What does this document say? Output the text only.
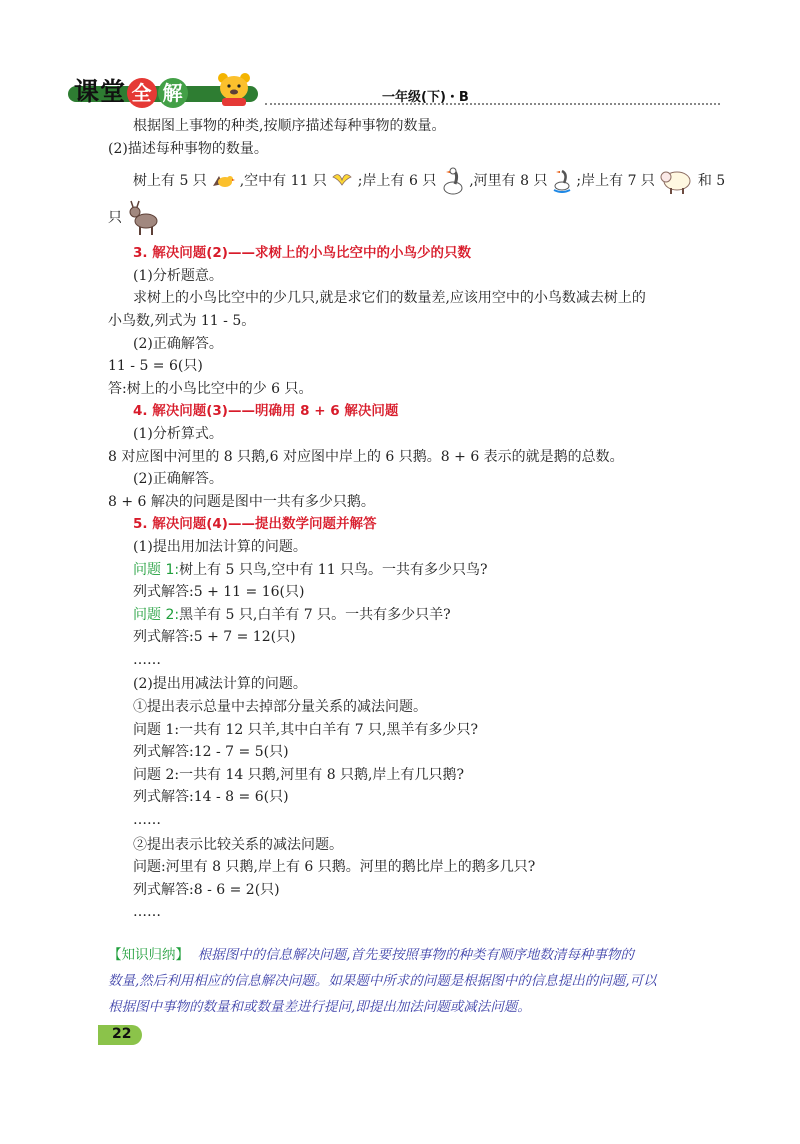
课堂 全 解	一年级(下)・B
根据图上事物的种类,按顺序描述每种事物的数量。
(2)描述每种事物的数量。
树上有 5 只 ,空中有 11 只 ;岸上有 6 只 ,河里有 8 只 ;岸上有 7 只	和 5
只
3. 解决问题(2)——求树上的小鸟比空中的小鸟少的只数
(1)分析题意。
求树上的小鸟比空中的少几只,就是求它们的数量差,应该用空中的小鸟数减去树上的
小鸟数,列式为 11 - 5。
(2)正确解答。
11 - 5 = 6(只)
答:树上的小鸟比空中的少 6 只。
4. 解决问题(3)——明确用 8 + 6 解决问题
(1)分析算式。
8 对应图中河里的 8 只鹅,6 对应图中岸上的 6 只鹅。8 + 6 表示的就是鹅的总数。
(2)正确解答。
8 + 6 解决的问题是图中一共有多少只鹅。
5. 解决问题(4)——提出数学问题并解答
(1)提出用加法计算的问题。
问题 1:树上有 5 只鸟,空中有 11 只鸟。一共有多少只鸟?
列式解答:5 + 11 = 16(只)
问题 2:黑羊有 5 只,白羊有 7 只。一共有多少只羊?
列式解答:5 + 7 = 12(只)
……
(2)提出用减法计算的问题。
①提出表示总量中去掉部分量关系的减法问题。
问题 1:一共有 12 只羊,其中白羊有 7 只,黑羊有多少只?
列式解答:12 - 7 = 5(只)
问题 2:一共有 14 只鹅,河里有 8 只鹅,岸上有几只鹅?
列式解答:14 - 8 = 6(只)
……
②提出表示比较关系的减法问题。
问题:河里有 8 只鹅,岸上有 6 只鹅。河里的鹅比岸上的鹅多几只?
列式解答:8 - 6 = 2(只)
……
【知识归纳】 根据图中的信息解决问题,首先要按照事物的种类有顺序地数清每种事物的
数量,然后利用相应的信息解决问题。如果题中所求的问题是根据图中的信息提出的问题,可以
根据图中事物的数量和或数量差进行提问,即提出加法问题或减法问题。
22
